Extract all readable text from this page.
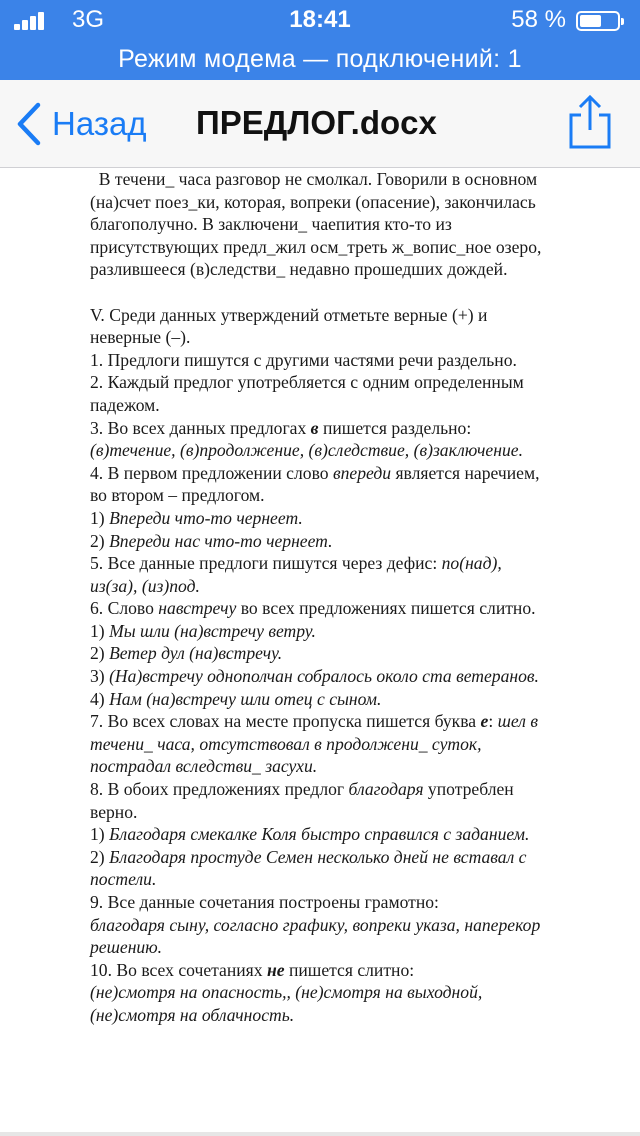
3G	18:41	58 %
Режим модема — подключений: 1
Назад ПРЕДЛОГ.docx

В течени_ часа разговор не смолкал. Говорили в основном

(на)счет поез_ки, которая, вопреки (опасение), закончилась

благополучно. В заключени_ чаепития кто-то из

присутствующих предл_жил осм_треть ж_вопис_ное озеро,

разлившееся (в)следстви_ недавно прошедших дождей.

V. Среди данных утверждений отметьте верные (+) и

неверные (–).

1. Предлоги пишутся с другими частями речи раздельно.

2. Каждый предлог употребляется с одним определенным

падежом.

3. Во всех данных предлогах в пишется раздельно:

(в)течение, (в)продолжение, (в)следствие, (в)заключение.

4. В первом предложении слово впереди является наречием,

во втором – предлогом.

1) Впереди что-то чернеет.

2) Впереди нас что-то чернеет.

5. Все данные предлоги пишутся через дефис: по(над),

из(за), (из)под.

6. Слово навстречу во всех предложениях пишется слитно.

1) Мы шли (на)встречу ветру.

2) Ветер дул (на)встречу.

3) (На)встречу однополчан собралось около ста ветеранов.

4) Нам (на)встречу шли отец с сыном.

7. Во всех словах на месте пропуска пишется буква е: шел в

течени_ часа, отсутствовал в продолжени_ суток,

пострадал вследстви_ засухи.

8. В обоих предложениях предлог благодаря употреблен

верно.

1) Благодаря смекалке Коля быстро справился с заданием.

2) Благодаря простуде Семен несколько дней не вставал с

постели.

9. Все данные сочетания построены грамотно:

благодаря сыну, согласно графику, вопреки указа, наперекор

решению.

10. Во всех сочетаниях не пишется слитно:

(не)смотря на опасность,, (не)смотря на выходной,

(не)смотря на облачность.
